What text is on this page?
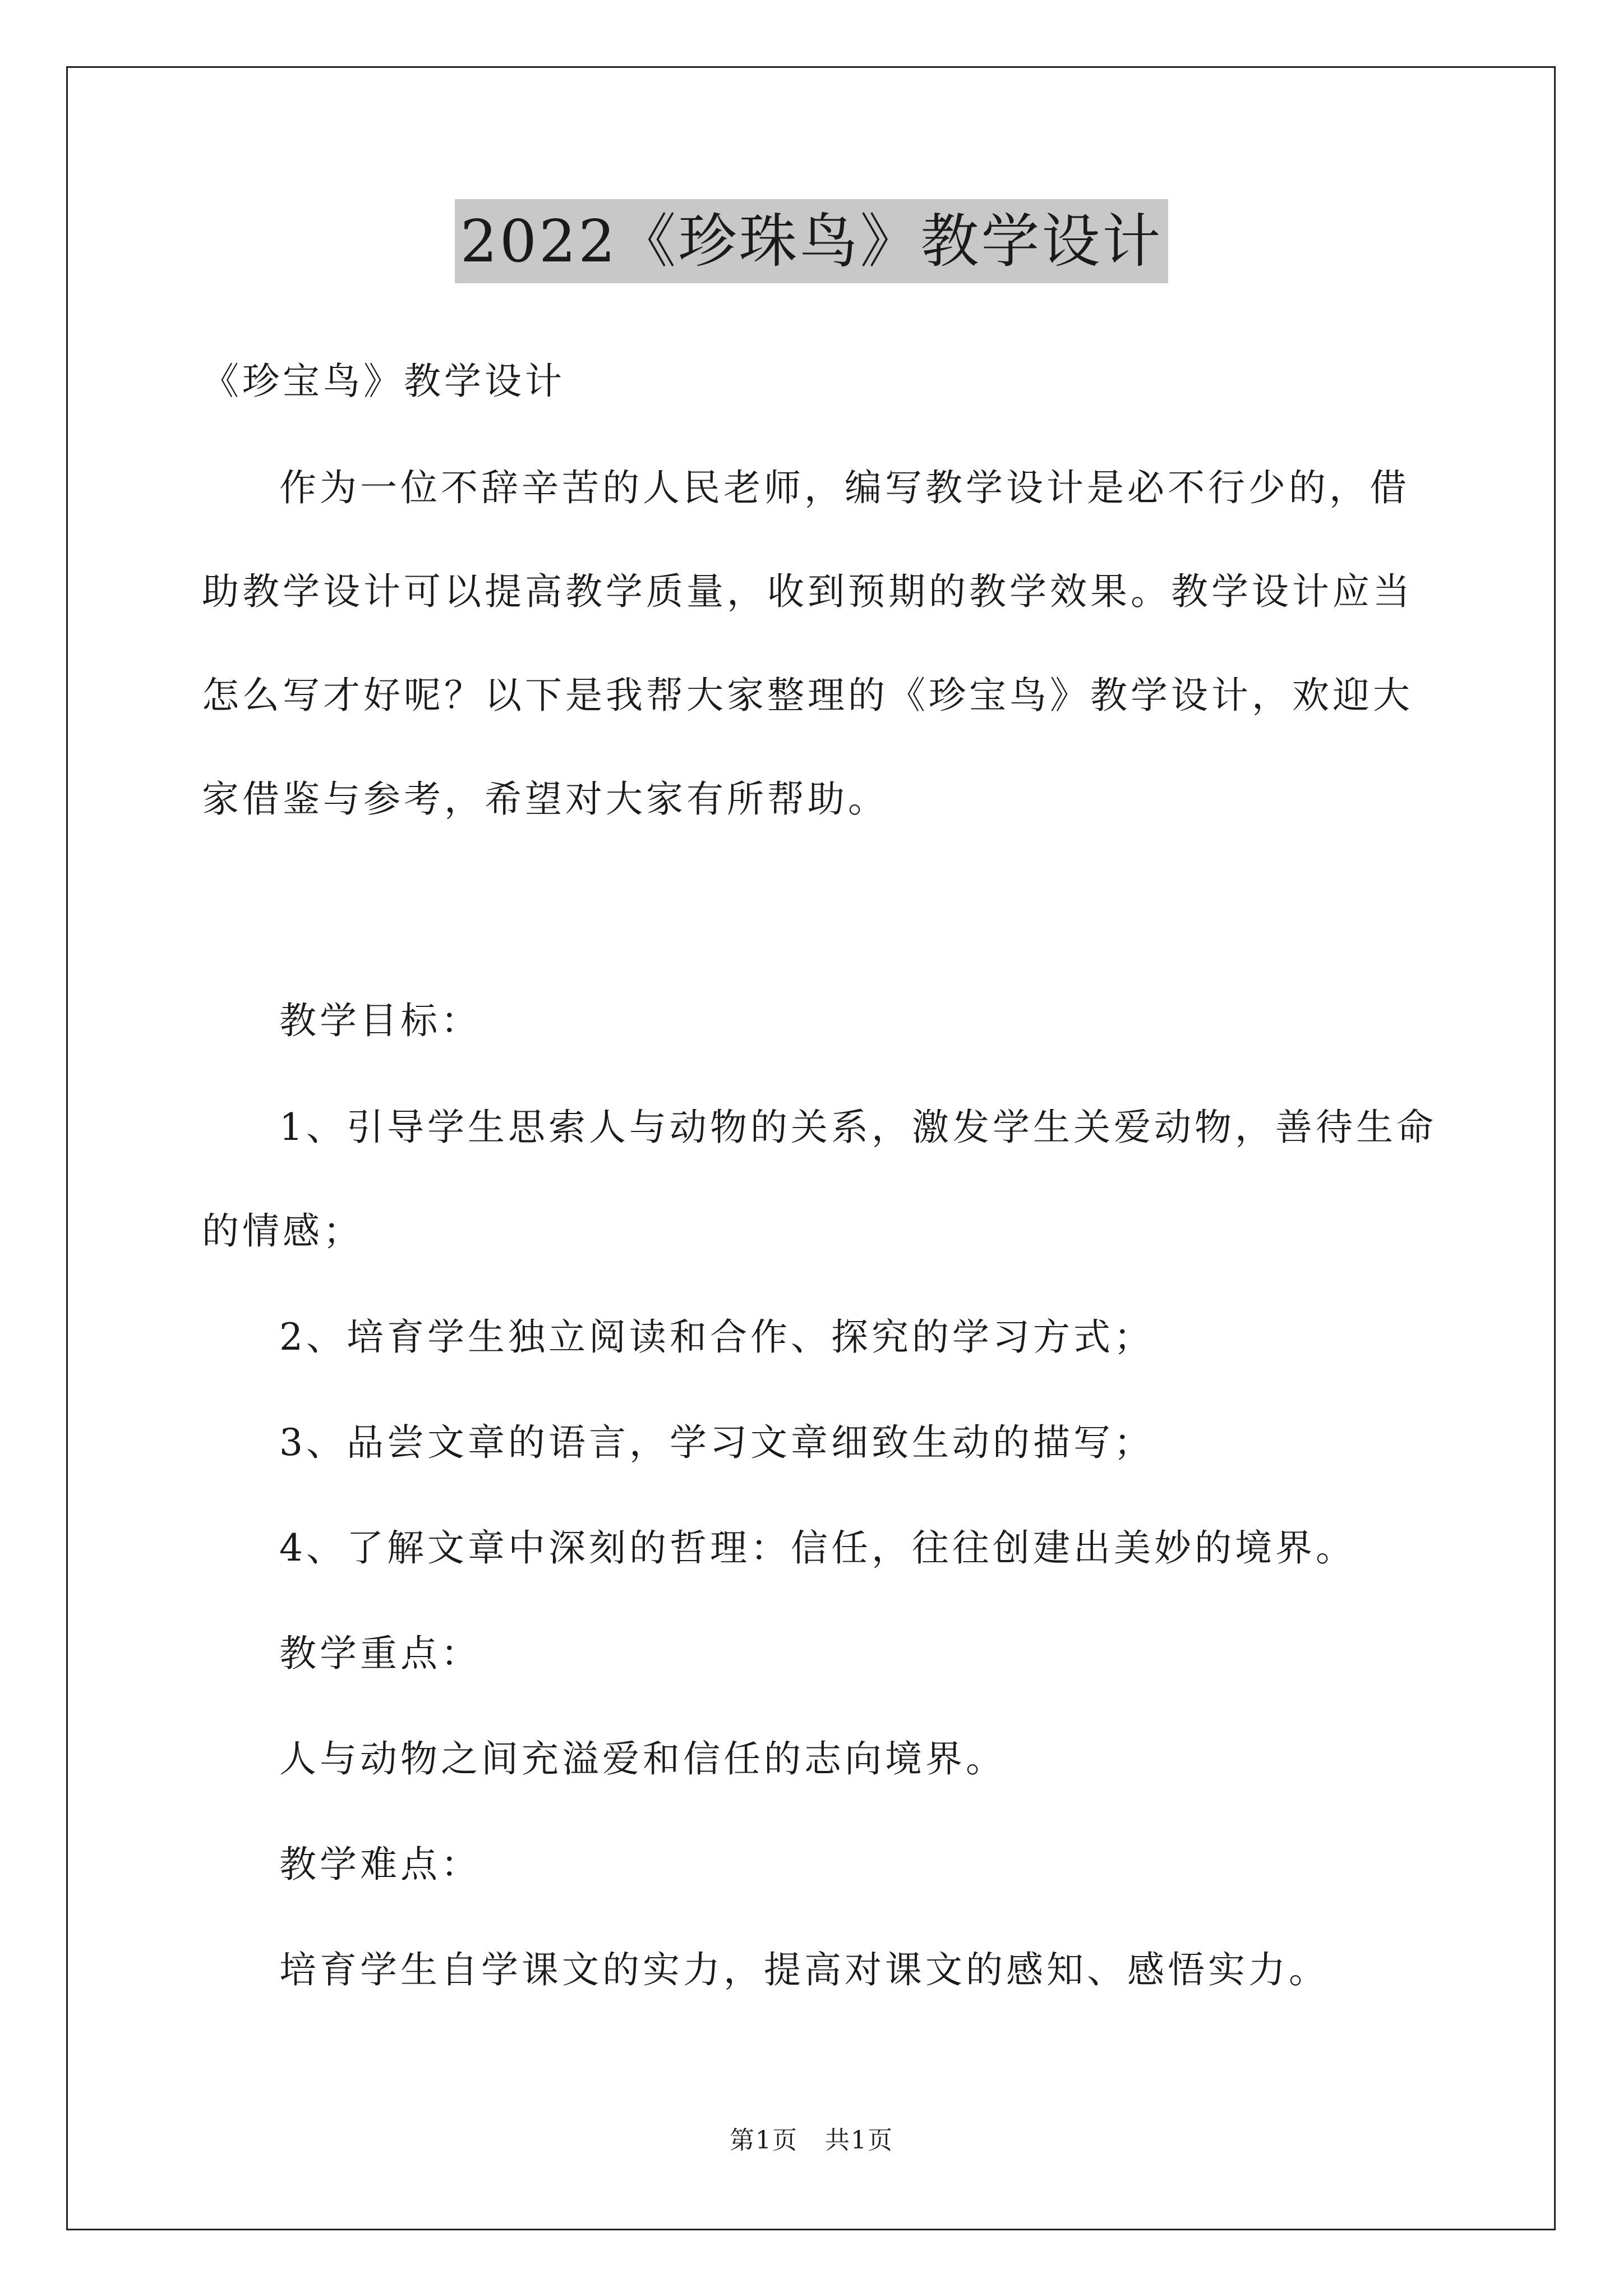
2022《珍珠鸟》教学设计
《珍宝鸟》教学设计
作为一位不辞辛苦的人民老师，编写教学设计是必不行少的，借
助教学设计可以提高教学质量，收到预期的教学效果。教学设计应当
怎么写才好呢？以下是我帮大家整理的《珍宝鸟》教学设计，欢迎大
家借鉴与参考，希望对大家有所帮助。
教学目标：
1、引导学生思索人与动物的关系，激发学生关爱动物，善待生命
的情感；
2、培育学生独立阅读和合作、探究的学习方式；
3、品尝文章的语言，学习文章细致生动的描写；
4、了解文章中深刻的哲理：信任，往往创建出美妙的境界。
教学重点：
人与动物之间充溢爱和信任的志向境界。
教学难点：
培育学生自学课文的实力，提高对课文的感知、感悟实力。
第1页   共1页
